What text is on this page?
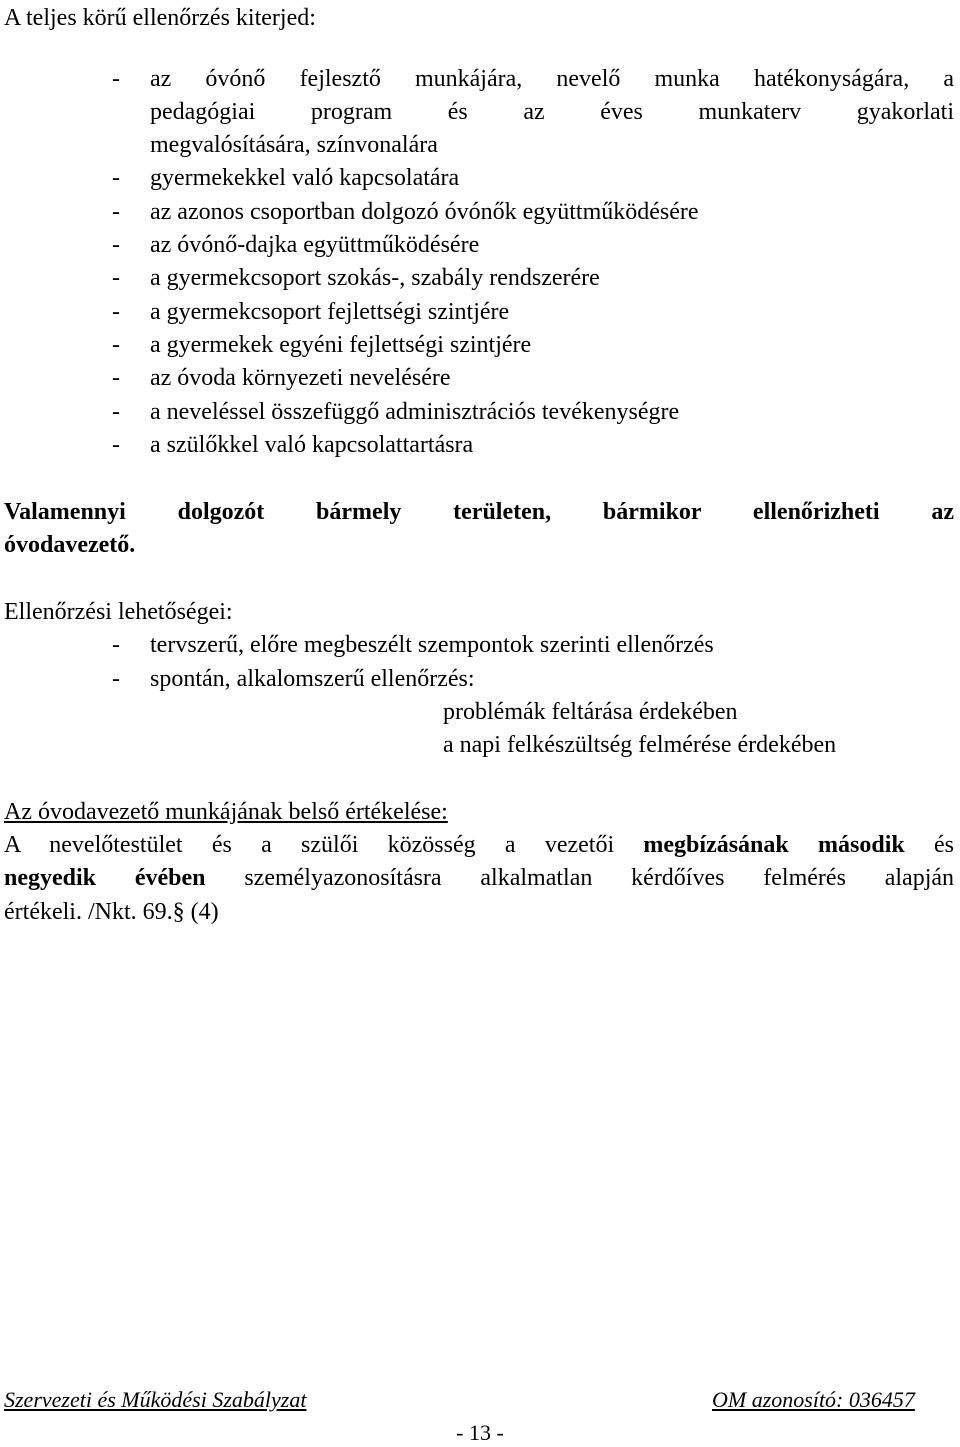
A teljes körű ellenőrzés kiterjed:
- az óvónő fejlesztő munkájára, nevelő munka hatékonyságára, a
pedagógiai program és az éves munkaterv gyakorlati
megvalósítására, színvonalára
- gyermekekkel való kapcsolatára
- az azonos csoportban dolgozó óvónők együttműködésére
- az óvónő-dajka együttműködésére
- a gyermekcsoport szokás-, szabály rendszerére
- a gyermekcsoport fejlettségi szintjére
- a gyermekek egyéni fejlettségi szintjére
- az óvoda környezeti nevelésére
- a neveléssel összefüggő adminisztrációs tevékenységre
- a szülőkkel való kapcsolattartásra
Valamennyi dolgozót bármely területen, bármikor ellenőrizheti az
óvodavezető.
Ellenőrzési lehetőségei:
- tervszerű, előre megbeszélt szempontok szerinti ellenőrzés
- spontán, alkalomszerű ellenőrzés:
problémák feltárása érdekében
a napi felkészültség felmérése érdekében
Az óvodavezető munkájának belső értékelése:
A nevelőtestület és a szülői közösség a vezetői megbízásának második és
negyedik évében személyazonosításra alkalmatlan kérdőíves felmérés alapján
értékeli. /Nkt. 69.§ (4)
Szervezeti és Működési Szabályzat	OM azonosító: 036457
- 13 -
